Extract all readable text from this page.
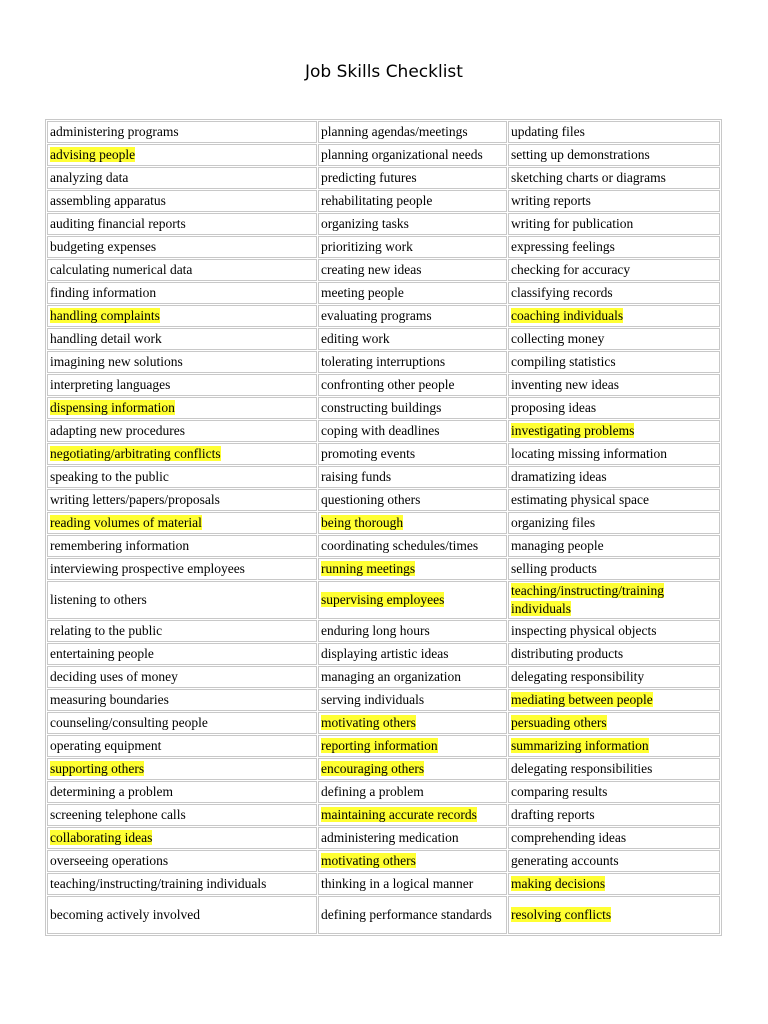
Job Skills Checklist
administering programs	planning agendas/meetings	updating files
advising people	planning organizational needs	setting up demonstrations
analyzing data	predicting futures	sketching charts or diagrams
assembling apparatus	rehabilitating people	writing reports
auditing financial reports	organizing tasks	writing for publication
budgeting expenses	prioritizing work	expressing feelings
calculating numerical data	creating new ideas	checking for accuracy
finding information	meeting people	classifying records
handling complaints	evaluating programs	coaching individuals
handling detail work	editing work	collecting money
imagining new solutions	tolerating interruptions	compiling statistics
interpreting languages	confronting other people	inventing new ideas
dispensing information	constructing buildings	proposing ideas
adapting new procedures	coping with deadlines	investigating problems
negotiating/arbitrating conflicts	promoting events	locating missing information
speaking to the public	raising funds	dramatizing ideas
writing letters/papers/proposals	questioning others	estimating physical space
reading volumes of material	being thorough	organizing files
remembering information	coordinating schedules/times	managing people
interviewing prospective employees	running meetings	selling products
listening to others	supervising employees	teaching/instructing/training individuals
relating to the public	enduring long hours	inspecting physical objects
entertaining people	displaying artistic ideas	distributing products
deciding uses of money	managing an organization	delegating responsibility
measuring boundaries	serving individuals	mediating between people
counseling/consulting people	motivating others	persuading others
operating equipment	reporting information	summarizing information
supporting others	encouraging others	delegating responsibilities
determining a problem	defining a problem	comparing results
screening telephone calls	maintaining accurate records	drafting reports
collaborating ideas	administering medication	comprehending ideas
overseeing operations	motivating others	generating accounts
teaching/instructing/training individuals	thinking in a logical manner	making decisions
becoming actively involved	defining performance standards	resolving conflicts
